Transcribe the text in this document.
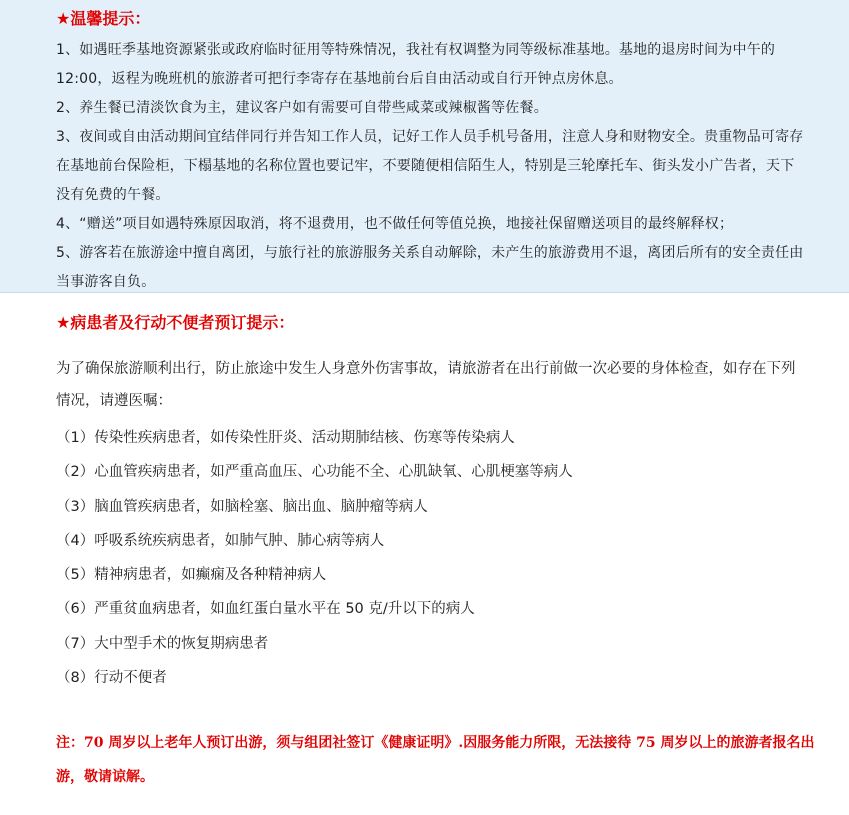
★温馨提示：

1、如遇旺季基地资源紧张或政府临时征用等特殊情况，我社有权调整为同等级标准基地。基地的退房时间为中午的 12:00，返程为晚班机的旅游者可把行李寄存在基地前台后自由活动或自行开钟点房休息。

2、养生餐已清淡饮食为主，建议客户如有需要可自带些咸菜或辣椒酱等佐餐。

3、夜间或自由活动期间宜结伴同行并告知工作人员，记好工作人员手机号备用，注意人身和财物安全。贵重物品可寄存在基地前台保险柜，下榻基地的名称位置也要记牢，不要随便相信陌生人，特别是三轮摩托车、街头发小广告者，天下没有免费的午餐。

4、“赠送”项目如遇特殊原因取消，将不退费用，也不做任何等值兑换，地接社保留赠送项目的最终解释权；

5、游客若在旅游途中擅自离团，与旅行社的旅游服务关系自动解除，未产生的旅游费用不退，离团后所有的安全责任由当事游客自负。

★病患者及行动不便者预订提示：
为了确保旅游顺利出行，防止旅途中发生人身意外伤害事故，请旅游者在出行前做一次必要的身体检查，如存在下列情况，请遵医嘱：
（1）传染性疾病患者，如传染性肝炎、活动期肺结核、伤寒等传染病人
（2）心血管疾病患者，如严重高血压、心功能不全、心肌缺氧、心肌梗塞等病人
（3）脑血管疾病患者，如脑栓塞、脑出血、脑肿瘤等病人
（4）呼吸系统疾病患者，如肺气肿、肺心病等病人
（5）精神病患者，如癫痫及各种精神病人
（6）严重贫血病患者，如血红蛋白量水平在 50 克/升以下的病人
（7）大中型手术的恢复期病患者
（8）行动不便者
注：70 周岁以上老年人预订出游，须与组团社签订《健康证明》.因服务能力所限，无法接待 75 周岁以上的旅游者报名出游，敬请谅解。
